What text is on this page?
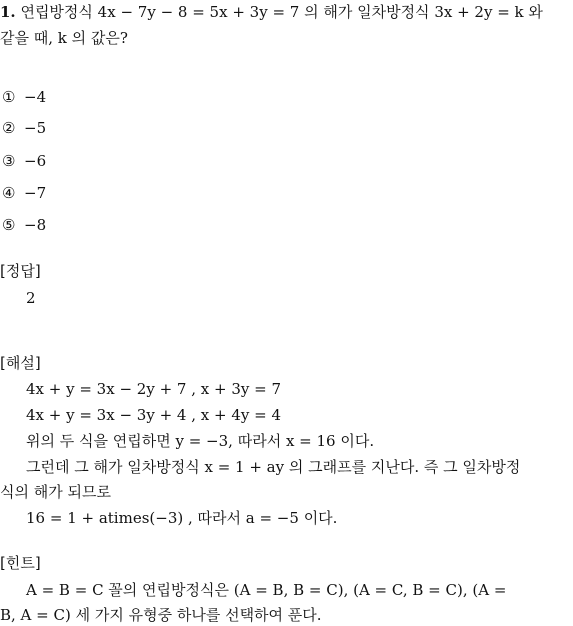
1. 연립방정식 4x − 7y − 8 = 5x + 3y = 7 의 해가 일차방정식 3x + 2y = k 와
같을 때, k 의 값은?
① −4
② −5
③ −6
④ −7
⑤ −8
[정답]
2
[해설]
4x + y = 3x − 2y + 7 , x + 3y = 7
4x + y = 3x − 3y + 4 , x + 4y = 4
위의 두 식을 연립하면 y = −3, 따라서 x = 16 이다.
그런데 그 해가 일차방정식 x = 1 + ay 의 그래프를 지난다. 즉 그 일차방정
식의 해가 되므로
16 = 1 + atimes(−3) , 따라서 a = −5 이다.
[힌트]
A = B = C 꼴의 연립방정식은 (A = B, B = C), (A = C, B = C), (A =
B, A = C) 세 가지 유형중 하나를 선택하여 푼다.
